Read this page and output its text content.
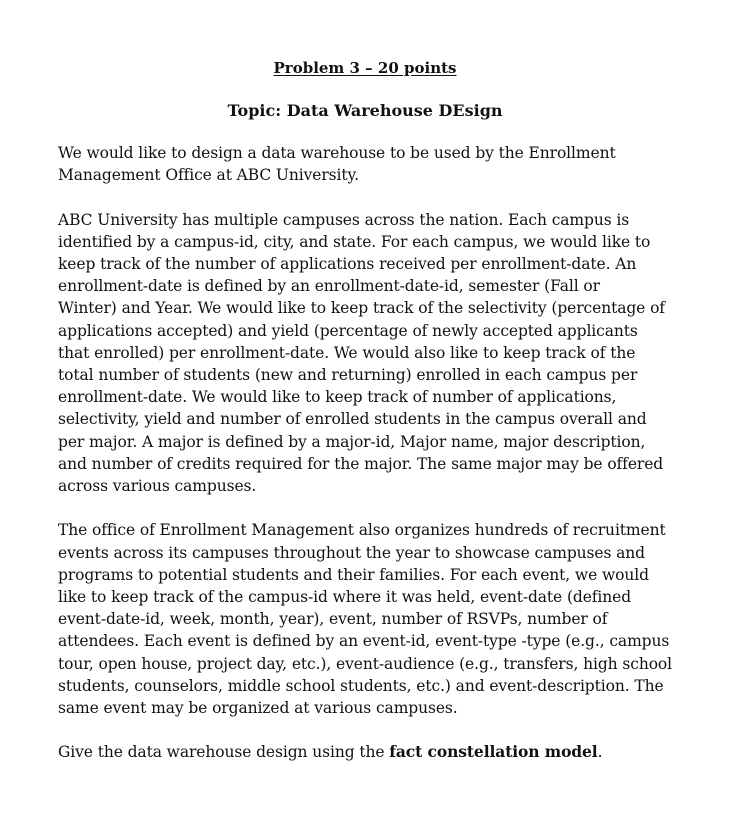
Problem 3 – 20 points
Topic: Data Warehouse DEsign

We would like to design a data warehouse to be used by the Enrollment
Management Office at ABC University.

ABC University has multiple campuses across the nation. Each campus is
identified by a campus-id, city, and state. For each campus, we would like to
keep track of the number of applications received per enrollment-date. An
enrollment-date is defined by an enrollment-date-id, semester (Fall or
Winter) and Year. We would like to keep track of the selectivity (percentage of
applications accepted) and yield (percentage of newly accepted applicants
that enrolled) per enrollment-date. We would also like to keep track of the
total number of students (new and returning) enrolled in each campus per
enrollment-date. We would like to keep track of number of applications,
selectivity, yield and number of enrolled students in the campus overall and
per major. A major is defined by a major-id, Major name, major description,
and number of credits required for the major. The same major may be offered
across various campuses.

The office of Enrollment Management also organizes hundreds of recruitment
events across its campuses throughout the year to showcase campuses and
programs to potential students and their families. For each event, we would
like to keep track of the campus-id where it was held, event-date (defined
event-date-id, week, month, year), event, number of RSVPs, number of
attendees. Each event is defined by an event-id, event-type -type (e.g., campus
tour, open house, project day, etc.), event-audience (e.g., transfers, high school
students, counselors, middle school students, etc.) and event-description. The
same event may be organized at various campuses.

Give the data warehouse design using the fact constellation model.
